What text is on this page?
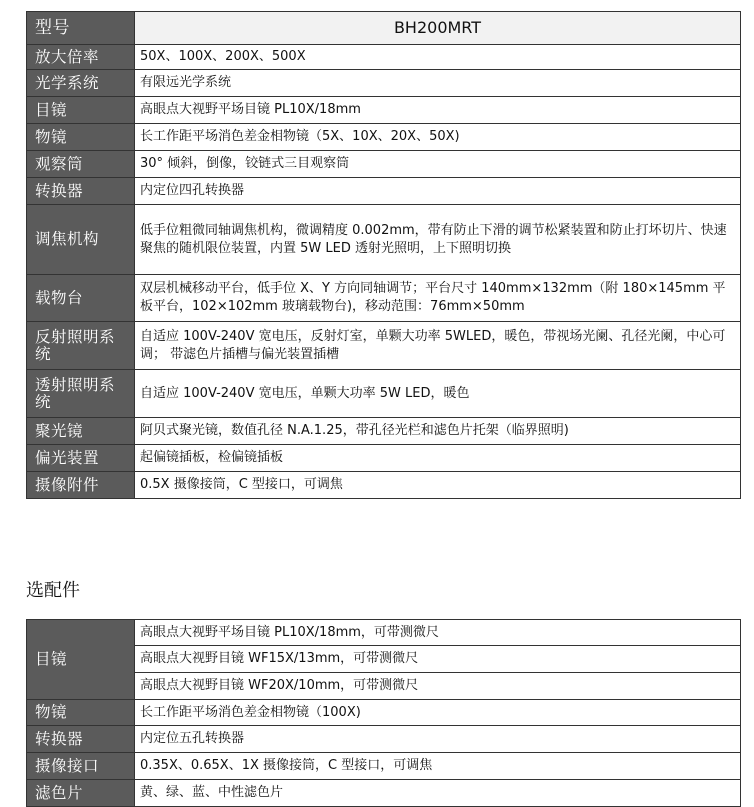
型号	BH200MRT
放大倍率	50X、100X、200X、500X
光学系统	有限远光学系统
目镜	高眼点大视野平场目镜 PL10X/18mm
物镜	长工作距平场消色差金相物镜（5X、10X、20X、50X)
观察筒	30° 倾斜，倒像，铰链式三目观察筒
转换器	内定位四孔转换器
调焦机构	低手位粗微同轴调焦机构，微调精度 0.002mm，带有防止下滑的调节松紧装置和防止打坏切片、快速聚焦的随机限位装置，内置 5W LED 透射光照明，上下照明切换
载物台	双层机械移动平台，低手位 X、Y 方向同轴调节；平台尺寸 140mm×132mm（附 180×145mm 平板平台，102×102mm 玻璃载物台)，移动范围：76mm×50mm
反射照明系统	自适应 100V-240V 宽电压，反射灯室，单颗大功率 5WLED，暖色，带视场光阑、孔径光阑，中心可调； 带滤色片插槽与偏光装置插槽
透射照明系统	自适应 100V-240V 宽电压，单颗大功率 5W LED，暖色
聚光镜	阿贝式聚光镜，数值孔径 N.A.1.25，带孔径光栏和滤色片托架（临界照明)
偏光装置	起偏镜插板，检偏镜插板
摄像附件	0.5X 摄像接筒，C 型接口，可调焦
选配件
目镜	高眼点大视野平场目镜 PL10X/18mm，可带测微尺
	高眼点大视野目镜 WF15X/13mm，可带测微尺
	高眼点大视野目镜 WF20X/10mm，可带测微尺
物镜	长工作距平场消色差金相物镜（100X)
转换器	内定位五孔转换器
摄像接口	0.35X、0.65X、1X 摄像接筒，C 型接口，可调焦
滤色片	黄、绿、蓝、中性滤色片
